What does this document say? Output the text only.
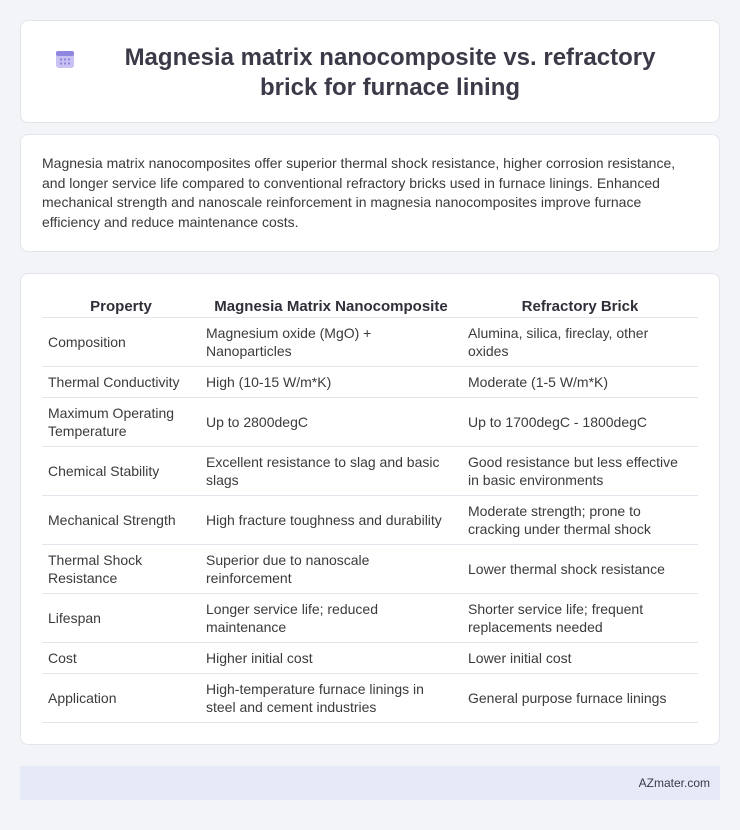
Magnesia matrix nanocomposite vs. refractory brick for furnace lining

Magnesia matrix nanocomposites offer superior thermal shock resistance, higher corrosion resistance, and longer service life compared to conventional refractory bricks used in furnace linings. Enhanced mechanical strength and nanoscale reinforcement in magnesia nanocomposites improve furnace efficiency and reduce maintenance costs.

Property	Magnesia Matrix Nanocomposite	Refractory Brick
Composition	Magnesium oxide (MgO) + Nanoparticles	Alumina, silica, fireclay, other oxides
Thermal Conductivity	High (10-15 W/m*K)	Moderate (1-5 W/m*K)
Maximum Operating Temperature	Up to 2800degC	Up to 1700degC - 1800degC
Chemical Stability	Excellent resistance to slag and basic slags	Good resistance but less effective in basic environments
Mechanical Strength	High fracture toughness and durability	Moderate strength; prone to cracking under thermal shock
Thermal Shock Resistance	Superior due to nanoscale reinforcement	Lower thermal shock resistance
Lifespan	Longer service life; reduced maintenance	Shorter service life; frequent replacements needed
Cost	Higher initial cost	Lower initial cost
Application	High-temperature furnace linings in steel and cement industries	General purpose furnace linings
AZmater.com
